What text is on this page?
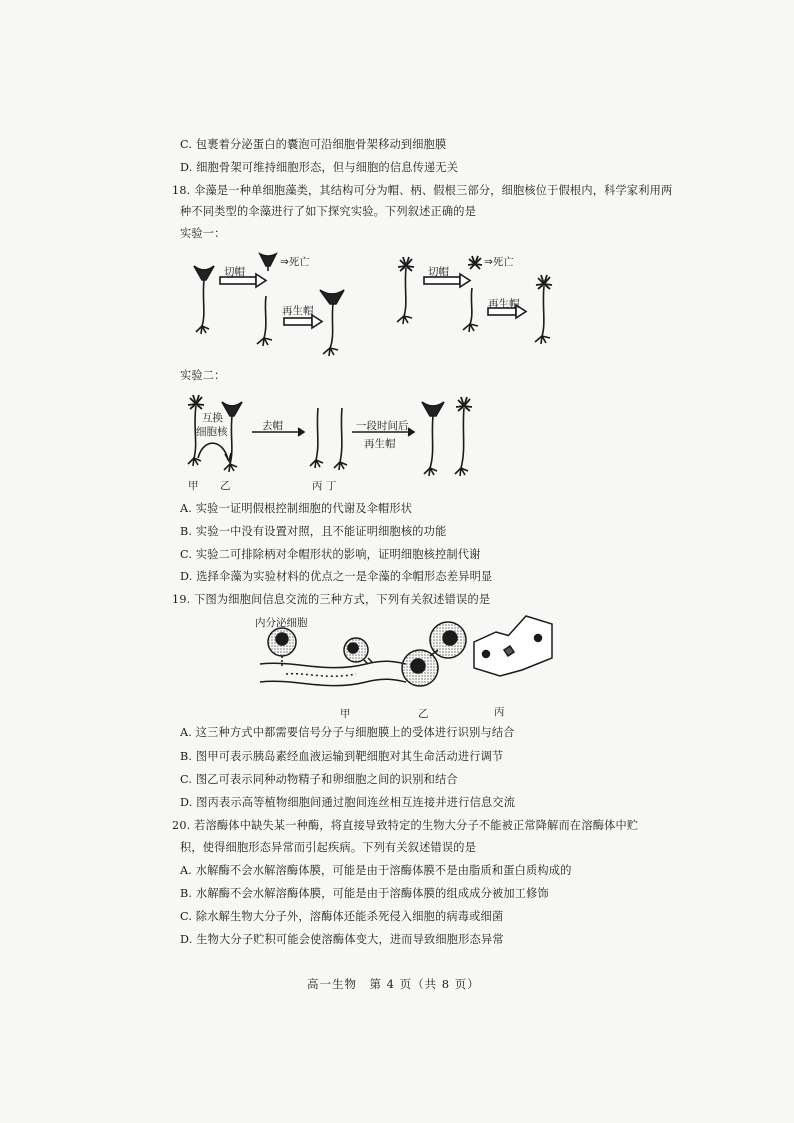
C. 包裹着分泌蛋白的囊泡可沿细胞骨架移动到细胞膜
D. 细胞骨架可维持细胞形态，但与细胞的信息传递无关
18. 伞藻是一种单细胞藻类，其结构可分为帽、柄、假根三部分，细胞核位于假根内，科学家利用两
种不同类型的伞藻进行了如下探究实验。下列叙述正确的是
实验一：
切帽
⇒死亡
再生帽
切帽
⇒死亡
再生帽
实验二：
互换
细胞核	去帽	一段时间后
再生帽
甲 乙	丙 丁
A. 实验一证明假根控制细胞的代谢及伞帽形状
B. 实验一中没有设置对照，且不能证明细胞核的功能
C. 实验二可排除柄对伞帽形状的影响，证明细胞核控制代谢
D. 选择伞藻为实验材料的优点之一是伞藻的伞帽形态差异明显
19. 下图为细胞间信息交流的三种方式，下列有关叙述错误的是
内分泌细胞
甲	乙	丙
A. 这三种方式中都需要信号分子与细胞膜上的受体进行识别与结合
B. 图甲可表示胰岛素经血液运输到靶细胞对其生命活动进行调节
C. 图乙可表示同种动物精子和卵细胞之间的识别和结合
D. 图丙表示高等植物细胞间通过胞间连丝相互连接并进行信息交流
20. 若溶酶体中缺失某一种酶，将直接导致特定的生物大分子不能被正常降解而在溶酶体中贮
积，使得细胞形态异常而引起疾病。下列有关叙述错误的是
A. 水解酶不会水解溶酶体膜，可能是由于溶酶体膜不是由脂质和蛋白质构成的
B. 水解酶不会水解溶酶体膜，可能是由于溶酶体膜的组成成分被加工修饰
C. 除水解生物大分子外，溶酶体还能杀死侵入细胞的病毒或细菌
D. 生物大分子贮积可能会使溶酶体变大，进而导致细胞形态异常
高一生物　第 4 页（共 8 页）
